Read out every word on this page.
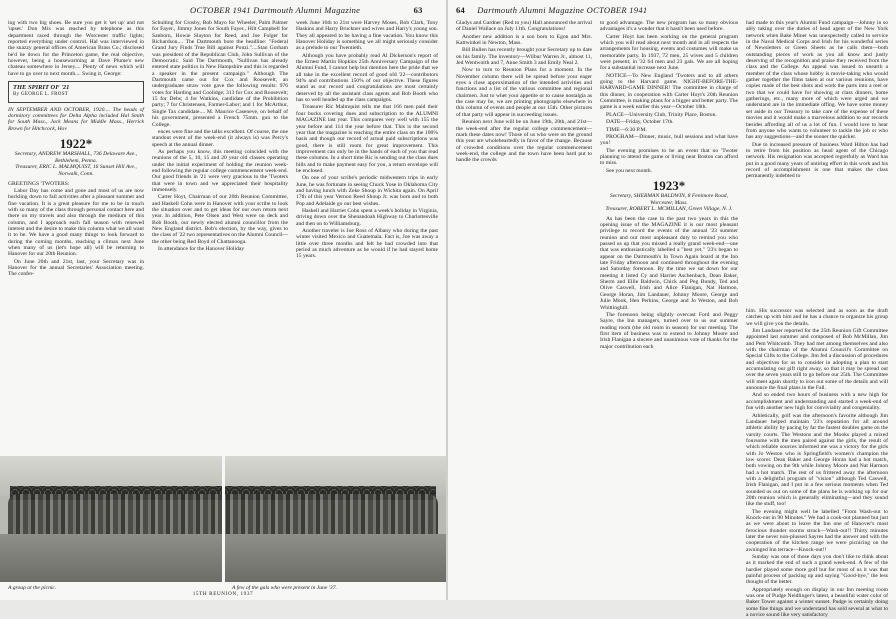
OCTOBER 1941 Dartmouth Alumni Magazine	63

ing with two big shoes. Be sure you get it 'set up' and not 'upset.' Don Mix was reached by telephone as this department raced through the Worcester traffic lights; reported everything under control. Hal was interviewed in the snazzy general offices of American Brass Co.; disclosed he'd be down for the Princeton game, the real objective, however, being a housewarming at Dave Plume's new chateau somewhere in Jersey.... Plenty of news which will have to go over to next month.... Swing it, George:

THE SPIRIT OF '21
By GEORGE L. FROST

IN SEPTEMBER AND OCTOBER, 1920.... The heads of dormitory committees for Delta Alpha included Hal Smith for South Mass., Jack Means for Middle Mass., Herrick Brown for Hitchcock, Hov

1922*
Secretary, ANDREW MARSHALL, 736 Delaware Ave., Bethlehem, Penna.
Treasurer, ERIC L. MALMQUIST, 16 Sunset Hill Ave., Norwalk, Conn.

GREETINGS 'TWOTERS:

Labor Day has come and gone and most of us are now buckling down to fall activities after a pleasant summer and fine vacation. It is a great pleasure for me to be in touch with so many of the class through personal contact here and there on my travels and also through the medium of this column, and I approach each fall season with renewed interest and the desire to make this column what we all want it to be. We have a good many things to look forward to during the coming months, reaching a climax next June when many of us (let's hope all) will be returning to Hanover for our 20th Reunion.

On June 20th and 21st, last, your Secretary was in Hanover for the annual Secretaries' Association meeting. The confer-

Schulting for Crosby, Bob Mayo for Wheeler, Palm Palmer for Fayer., Jimmy Jones for South Fayer., Hilt Campbell for Sanborn, Howie Slayton for Reed, and Joe Folger for Richardson.... The Dartmouth bore the headline: "Federal Grand Jury Finds True Bill against Ponzi."....Stan Gorham was president of the Republican Club, John Sullivan of the Democratic. Said The Dartmouth, "Sullivan has already entered state politics in New Hampshire and this is regarded a speaker in the present campaign." Although The Dartmouth came out for Cox and Roosevelt, an undergraduate straw vote gave the following results: 976 votes for Harding and Coolidge; 313 for Cox and Roosevelt; 15 for Debs; 4 for Watkins, candidate of the Prohibition party; 7 for Christensen, Farmer-Labor; and 1 for McArthur, Single Tax candidate.... M. Maurice Caseneve, on behalf of his government, presented a French 75mm. gun to the College.

ences were fine and the talks excellent. Of course, the one standout event of the week-end (it always is) was Percy's speech at the annual dinner.

As perhaps you know, this meeting coincided with the reunions of the 5, 10, 15 and 20 year old classes operating under the initial experiment of holding the reunion week-end following the regular college commencement week-end. Our good friends in '21 were very gracious to the 'Twoters that were in town and we appreciated their hospitality immensely.

Carter Hoyt, Chairman of our 20th Reunion Committee, and Haskell Cohn were in Hanover with your scribe to look the situation over and to get ideas for our own return next year. In addition, Pete Olsen and West were on deck and Bob Booth, our newly elected alumni councillor from the New England district. Bob's election, by the way, gives to the class of '22 two representatives on the Alumni Council—the other being Red Boyd of Chattanooga.

In attendance for the Hanover Holiday

week June 16th to 21st were Harvey Moses, Bob Clark, Tony Haskins and Harry Bruckner and wives and Harry's young son. They all appeared to be having a fine vacation. You know this Hanover Holiday is something we all might seriously consider as a prelude to our Twentieth.

Although you have probably read Al Dickerson's report of the Ernest Martin Hopkins 25th Anniversary Campaign of the Alumni Fund, I cannot help but mention here the pride that we all take in the excellent record of good old '22—contributors 94% and contributions 150% of our objective. These figures stand as our record and congratulations are most certainly deserved by all the assistant class agents and Bob Booth who has so well headed up the class campaigns.

Treasurer Ric Malmquist tells me that 166 men paid their four bucks covering dues and subscription to the ALUMNI MAGAZINE last year. This compares very well with 155 the year before and 114 the year before that. This is the second year that the magazine is reaching the entire class on the 100% basis and though our record of actual paid subscriptions was good, there is still room for great improvement. This improvement can only be in the hands of each of you that read these columns. In a short time Ric is sending out the class dues bills and to make payment easy for you, a return envelope will be enclosed.

On one of your scribe's periodic midwestern trips in early June, he was fortunate in seeing Chuck Yose in Oklahoma City and having lunch with Zeke Shoup in Wichita again. On April 17th of this year Vernon Reed Shoup Jr. was born and to both Pop and Adelaide go our best wishes.

Haskell and Harriet Cohn spent a week's holiday in Virginia, driving down over the Shenandoah Highway to Charlottesville and then on to Williamsburg.

Another traveler is Joe Ross of Albany who during the past winter visited Mexico and Guatemala. Fact is, Joe was away a little over three months and felt he had crowded into that period as much adventure as he would if he had stayed home 15 years.

A group at the picnic.	A few of the gals who were present in June '37.
15TH REUNION, 1937
64 Dartmouth Alumni Magazine OCTOBER 1941

Gladys and Gardner (Red to you) Hall announced the arrival of Daniel Wallace on July 11th. Congratulations!

Another new addition is a son born to Egon and Mrs. Kattwinkel in Newton, Mass.

Bill Bullen has recently brought your Secretary up to date on his family. The inventory—Wilbur Warren Jr., almost 11, Jed Wentworth and 7, Anne Smith 3 and Emily Neal 2.

Now to turn to Reunion Plans for a moment. In the November column there will be spread before your eager eyes a close approximation of the intended activities and functions and a list of the various committee and regional chairmen. Just to whet your appetite or to cause nostalgia as the case may be, we are printing photographs elsewhere in this column of events and people at our 15th. Other pictures of that party will appear in succeeding issues.

Reunion next June will be on June 19th, 20th, and 21st—the week-end after the regular college commencement—mark these dates now! Those of us who were on the ground this year are wholeheartedly in favor of the change. Because of crowded conditions over the regular commencement week-end, the college and the town have been hard put to handle the crowds

to good advantage. The new program has so many obvious advantages it's a wonder that it hasn't been used before.

Carter Hoyt has been working on the general program which you will read about next month and in all respects the arrangements for housing, events and costumes will make us memorable party. In 1937, 72 men, 25 wives and 5 children were present; in '32 64 men and 23 gals. We are all hoping for a substantial increase next June.

NOTICE—To New England 'Twoters and to all others going to the Harvard game. NIGHT-BEFORE-THE-HARVARD-GAME DINNER! The committee in charge of this dinner, in cooperation with Carter Hoyt's 20th Reunion Committee, is making plans for a bigger and better party. The game is a week earlier this year—October 18th.

PLACE—University Club, Trinity Place, Boston.

DATE—Friday, October 17th.

TIME—6:30 P.M.

PROGRAM—Dinner, music, bull sessions and what have you!

The evening promises to be an event that no 'Twoter planning to attend the game or living near Boston can afford to miss.

See you next month.

1923*
Secretary, SHERMAN BALDWIN, 8 Fenimore Road, Worcester, Mass.
Treasurer, ROBERT L. MCMILLAN, Green Village, N. J.

As has been the case in the past two years in this the opening issue of the MAGAZINE it is our most pleasant privilege to record the events of the annual '23 summer reunion and our most unpleasant duty to remind you who passed us up that you missed a really grand week-end—one that was enthusiastically labelled a "best yet." '23's began to appear on the Dartmouth's In Town Again board at the Inn late Friday afternoon and continued throughout the evening and Saturday forenoon. By the time we sat down for our meeting it listed Cy and Harriet Aschenbach, Dean Baker, Sherm and Ellie Baldwin, Chick and Peg Bundy, Ted and Olive Caswell, Irish and Alice Flanigan, Nat Harmon, George Horan, Jim Landauer, Johnny Moore, George and Julie Mook, Hen Perkins, George and Jo Weston, and Bob Whittinghill.

The forenoon being slightly overcast Ford and Peggy Sayre, the Inn managers, turned over to us our summer reading room (the old room in season) for our meeting. The first item of business was to extend to Johnny Moore and Irish Flanigan a sincere and unanimous vote of thanks for the major contribution each

had made to this year's Alumni Fund campaign—Johnny in so ably taking over the duties of head agent of the New York network when Bake Miner was unexpectedly called to service in the Naval Medical Corps and Irish for his wonderful series of Newsletters or Green Sheets as he calls them—both outstanding pieces of work as you all know and justly deserving of the recognition and praise they received from the class and the College. An appeal was issued to unearth a member of the class whose hobby is movie-taking who would gather together the films taken at our various reunions, have copies made of the best shots and work the parts into a reel or two that we could have for showing at class dinners, home gatherings, etc., many more of which were urged and we understand are in the immediate offing. We have some money set aside in our Treasury to take care of the expense of these movies and it would make a marvelous addition to our records besides affording all of us a lot of fun. I would love to hear from anyone who wants to volunteer to tackle the job or who has any suggestions—and the sooner the quicker.

Due to increased pressure of business Ward Hilton has had to retire from his position as head agent of the Chicago network. His resignation was accepted regretfully as Ward has put in a good many years of untiring effort in this work and his record of accomplishment is one that makes the class permanently indebted to

him. His successor was selected and as soon as the draft catches up with him and he has a chance to organize his group we will give you the details.

Jim Landauer reported for the 25th Reunion Gift Committee appointed last summer and composed of Bob McMillan, Jim and Pem Whitcomb. They had met among themselves and also with the chairman of the Alumni Council's Committee on Special Gifts to the College. Jim fed a discussion of procedures and objectives for us to consider in adopting a plan to start accumulating our gift right away, so that it may be spread out over the seven years still to go before our 25th. The Committee will meet again shortly to iron out some of the details and will announce the final plans in the Fall.

And so ended two hours of business with a new high for accomplishment and understanding and started a week-end of fun with another new high for conviviality and congeniality.

Athletically, golf was the afternoon's favorite although Jim Landauer helped maintain '23's reputation for all around athletic ability by pacing by far the fastest doubles game on the varsity courts. The Westons and the Mooks played a mixed foursome with the men paired against the girls, the result of which reliable sources informed me was a victory for the girls with Jo Weston who is Springfield's women's champion the low scorer. Dean Baker and George Horan had a hot match, both vowing on the 9th while Johnny Moore and Nat Harmon had a hot match. The rest of us frittered away the afternoon with a delightful program of "vision" although Ted Caswell, Irish Flanigan, and I put in a few serious moments when Ted sounded us out on some of the plans he is working up for our 20th reunion which is generally eliminating—and they sound like the stuff, too!

The evening might well be labelled "From Wash-out to Knock-out in 90 Minutes." We had a cook-out planned but just as we were about to leave the Inn one of Hanover's most ferocious thunder storms struck—Wash-out!! Thirty minutes later the never non-plussed Sayres had the answer and with the cooperation of the kitchen range we were picnicing on the awninged Inn terrace—Knock-out!!

Sunday was one of those days you don't like to think about as it marked the end of such a grand week-end. A few of the hardier played some more golf but for most of us it was that painful process of packing up and saying "Good-bye," the less thought of the better.

Appropriately enough on display in our Inn meeting room was one of Pudge Neidlinger's latest, a beautiful water color of Baker Tower against a winter sunset. Pudge is certainly doing some fine things and we understand has sold several at what to a novice sound like very satisfactory
